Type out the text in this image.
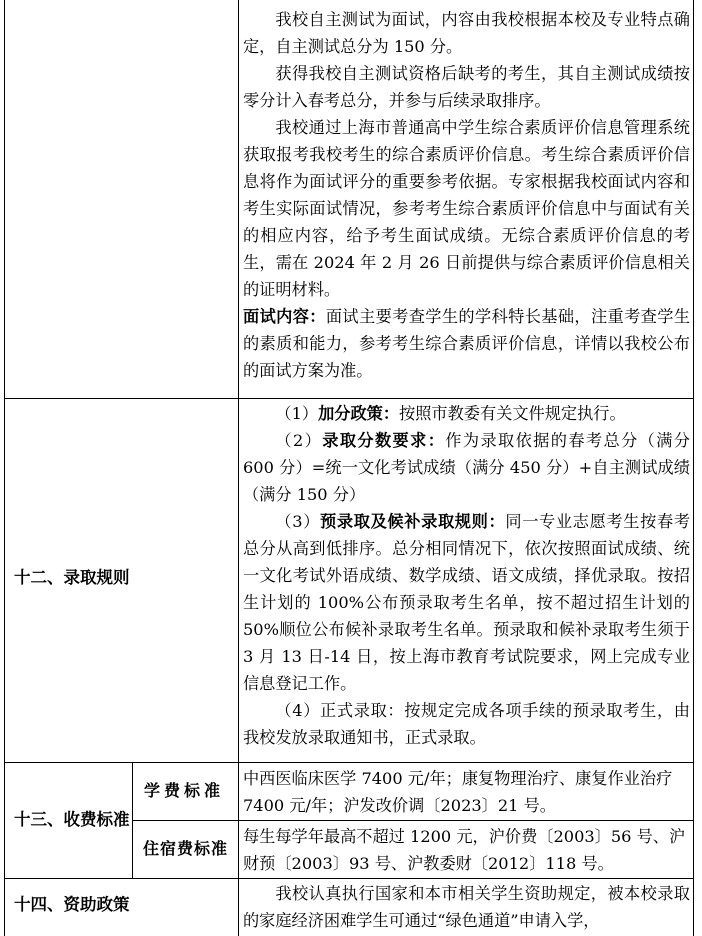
我校自主测试为面试，内容由我校根据本校及专业特点确定，自主测试总分为 150 分。

获得我校自主测试资格后缺考的考生，其自主测试成绩按零分计入春考总分，并参与后续录取排序。

我校通过上海市普通高中学生综合素质评价信息管理系统获取报考我校考生的综合素质评价信息。考生综合素质评价信息将作为面试评分的重要参考依据。专家根据我校面试内容和考生实际面试情况，参考考生综合素质评价信息中与面试有关的相应内容，给予考生面试成绩。无综合素质评价信息的考生，需在 2024 年 2 月 26 日前提供与综合素质评价信息相关的证明材料。

面试内容：面试主要考查学生的学科特长基础，注重考查学生的素质和能力，参考考生综合素质评价信息，详情以我校公布的面试方案为准。

十二、录取规则

（1）加分政策：按照市教委有关文件规定执行。

（2）录取分数要求：作为录取依据的春考总分（满分 600 分）=统一文化考试成绩（满分 450 分）+自主测试成绩（满分 150 分）

（3）预录取及候补录取规则：同一专业志愿考生按春考总分从高到低排序。总分相同情况下，依次按照面试成绩、统一文化考试外语成绩、数学成绩、语文成绩，择优录取。按招生计划的 100%公布预录取考生名单，按不超过招生计划的 50%顺位公布候补录取考生名单。预录取和候补录取考生须于 3 月 13 日-14 日，按上海市教育考试院要求，网上完成专业信息登记工作。

（4）正式录取：按规定完成各项手续的预录取考生，由我校发放录取通知书，正式录取。

十三、收费标准
学费标准
中西医临床医学 7400 元/年；康复物理治疗、康复作业治疗 7400 元/年；沪发改价调〔2023〕21 号。
住宿费标准
每生每学年最高不超过 1200 元，沪价费〔2003〕56 号、沪财预〔2003〕93 号、沪教委财〔2012〕118 号。
十四、资助政策

我校认真执行国家和本市相关学生资助规定，被本校录取的家庭经济困难学生可通过“绿色通道”申请入学，
